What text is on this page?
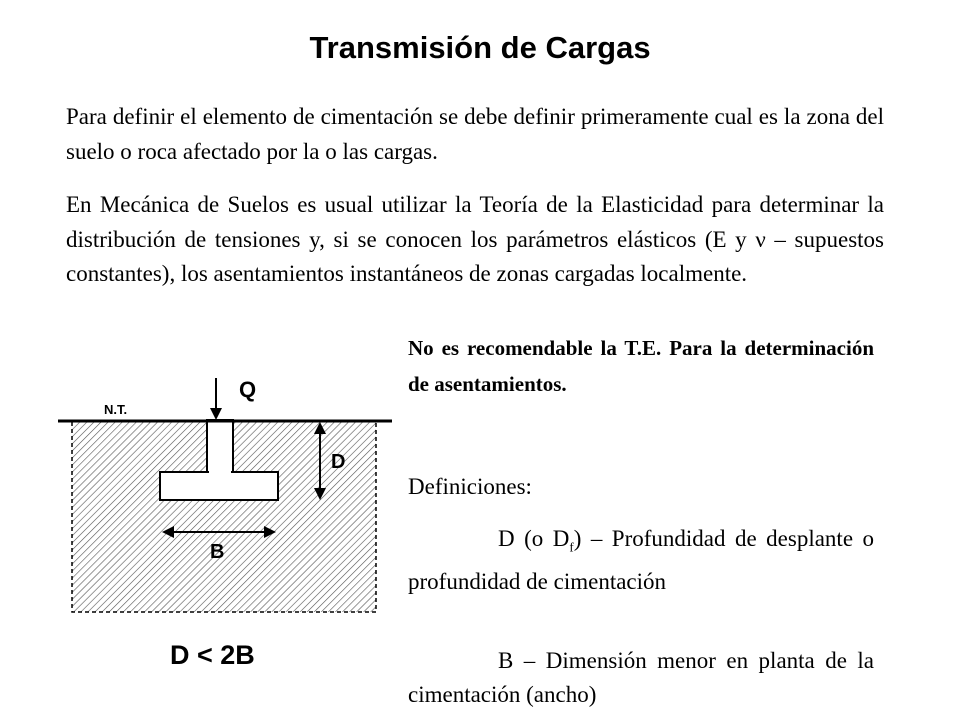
Transmisión de Cargas

Para definir el elemento de cimentación se debe definir primeramente cual es la zona del suelo o roca afectado por la o las cargas.

En Mecánica de Suelos es usual utilizar la Teoría de la Elasticidad para determinar la distribución de tensiones y, si se conocen los parámetros elásticos (E y ν – supuestos constantes), los asentamientos instantáneos de zonas cargadas localmente.

No es recomendable la T.E. Para la determinación de asentamientos.

Q
N.T.
D
B
D < 2B

Definiciones:

D (o $D_f$) – Profundidad de desplante o profundidad de cimentación

B – Dimensión menor en planta de la cimentación (ancho)
